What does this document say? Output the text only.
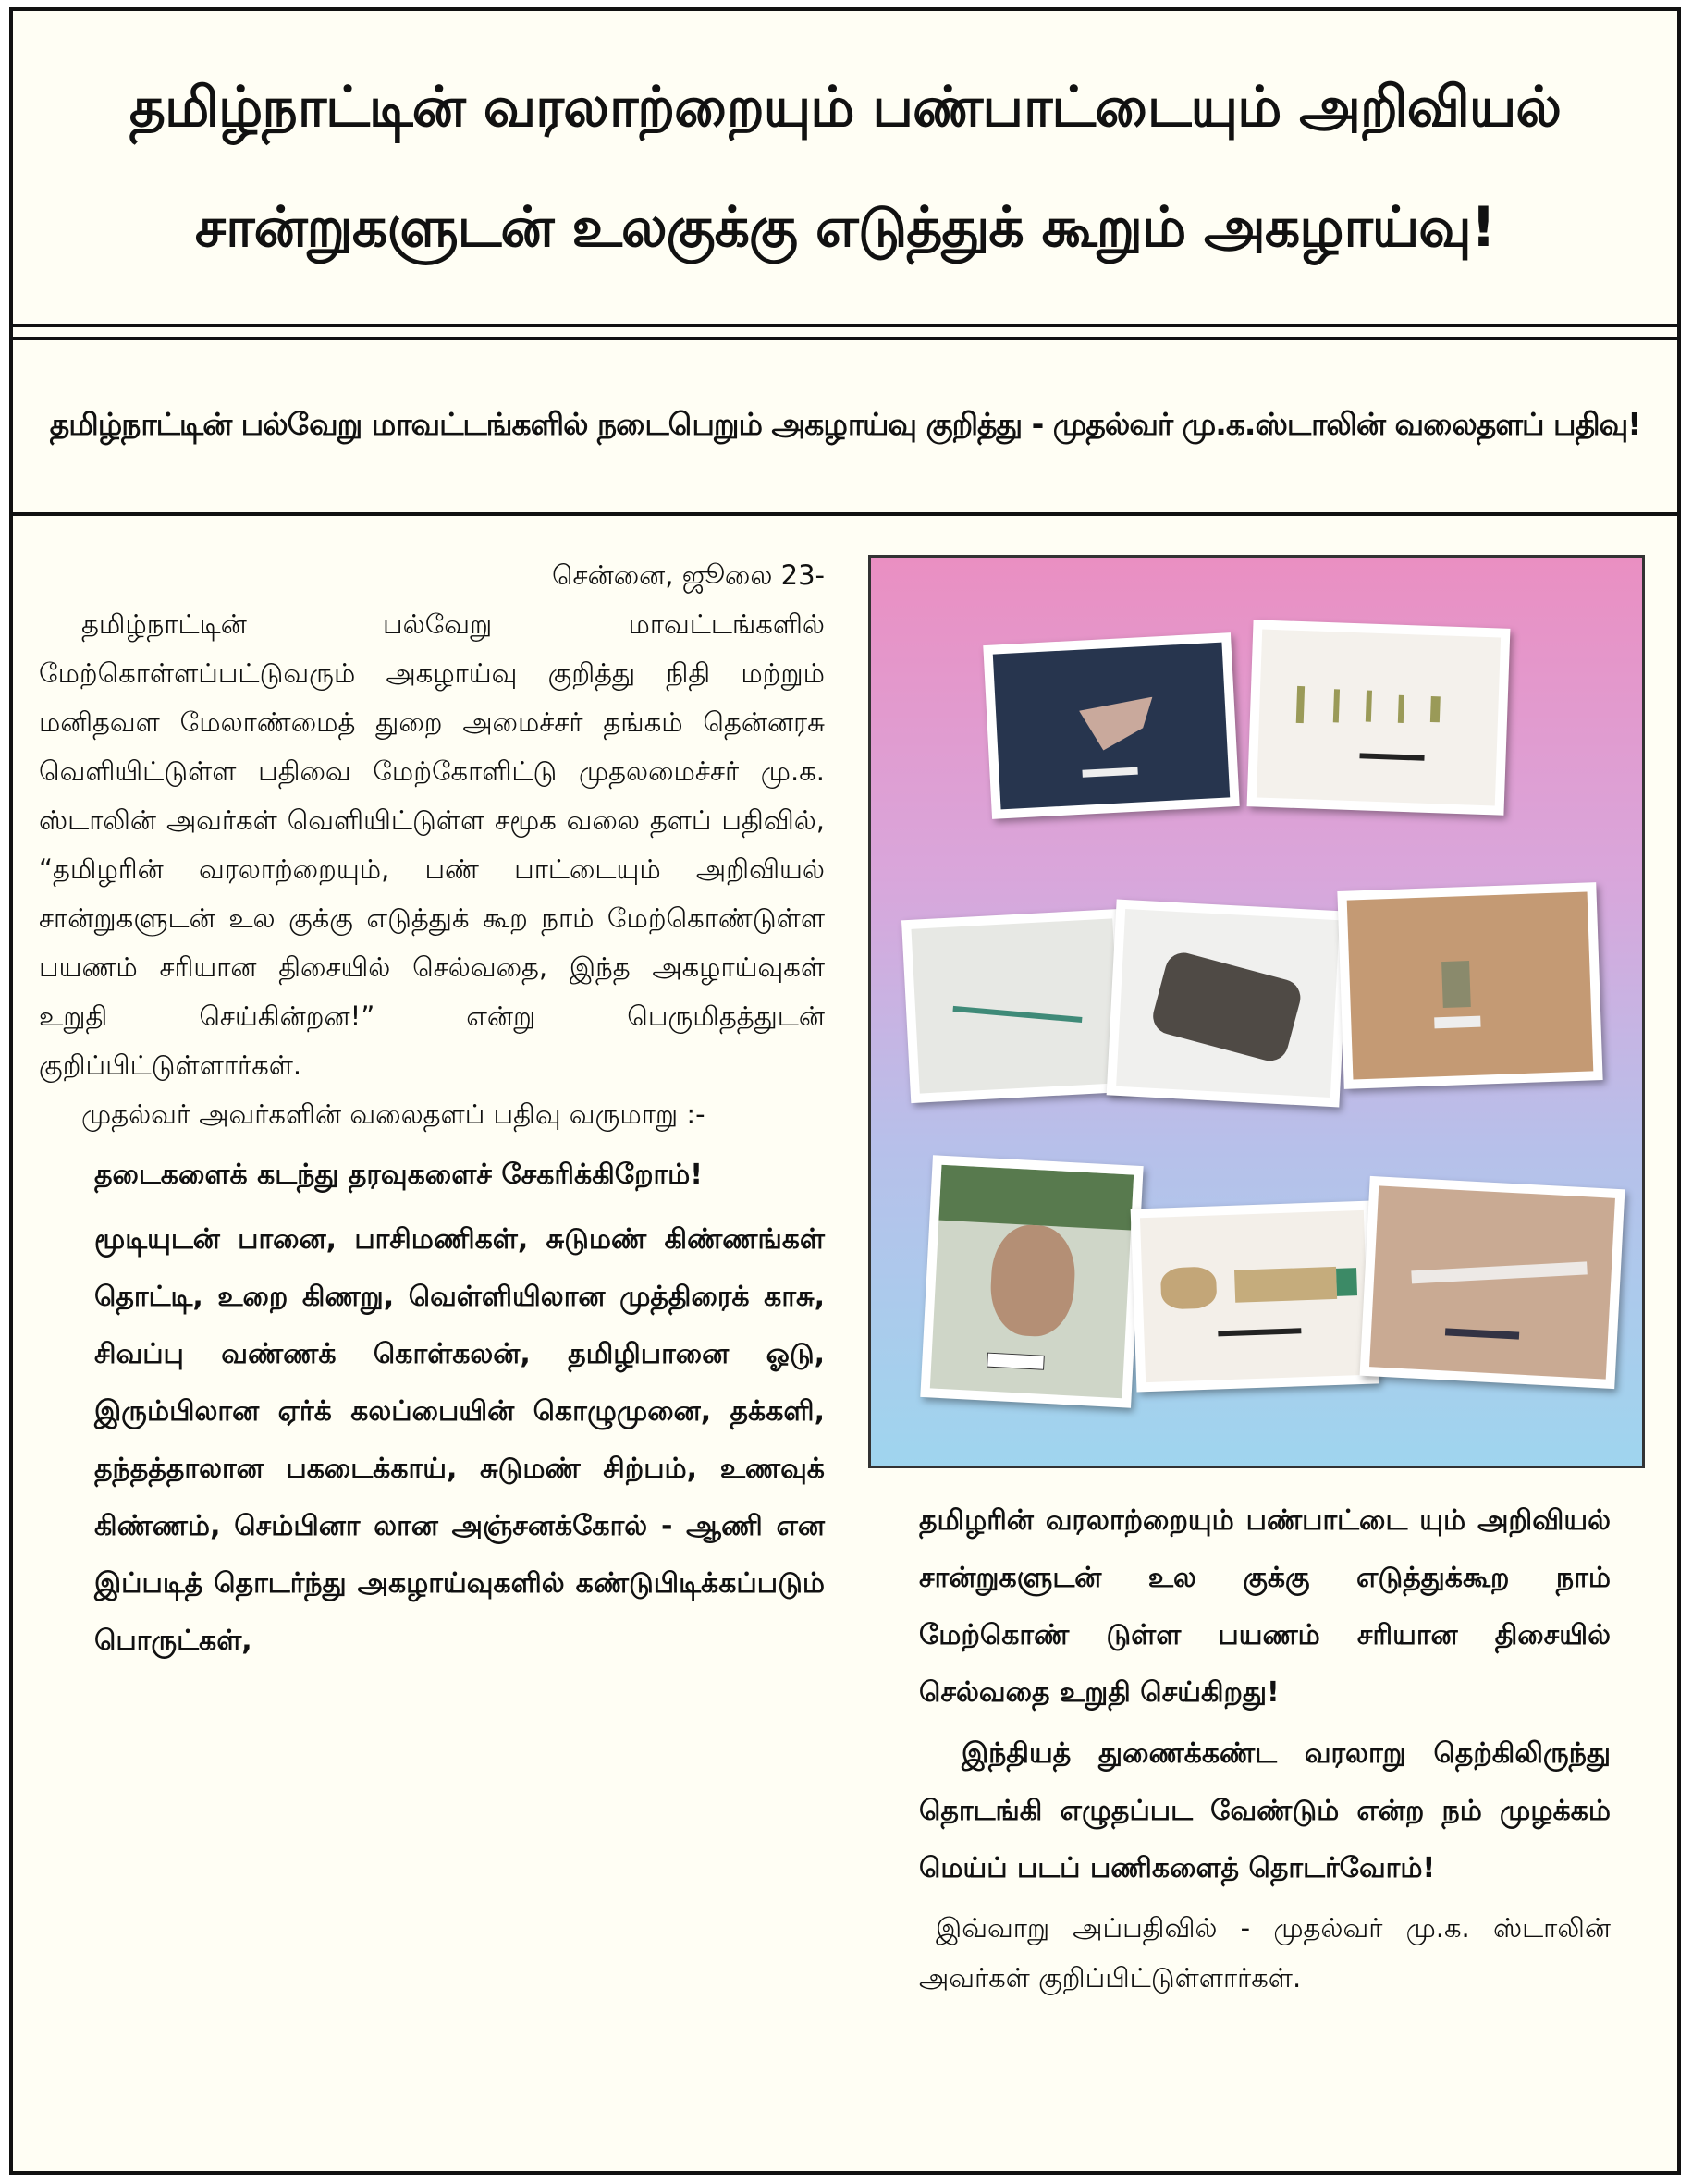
தமிழ்நாட்டின் வரலாற்றையும் பண்பாட்டையும் அறிவியல்
சான்றுகளுடன் உலகுக்கு எடுத்துக் கூறும் அகழாய்வு!
தமிழ்நாட்டின் பல்வேறு மாவட்டங்களில் நடைபெறும் அகழாய்வு குறித்து - முதல்வர் மு.க.ஸ்டாலின் வலைதளப் பதிவு!

சென்னை, ஜூலை 23-

தமிழ்நாட்டின் பல்வேறு மாவட்டங்களில் மேற்கொள்ளப்பட்டுவரும் அகழாய்வு குறித்து நிதி மற்றும் மனிதவள மேலாண்மைத் துறை அமைச்சர் தங்கம் தென்னரசு வெளியிட்டுள்ள பதிவை மேற்கோளிட்டு முதலமைச்சர் மு.க. ஸ்டாலின் அவர்கள் வெளியிட்டுள்ள சமூக வலை தளப் பதிவில், “தமிழரின் வரலாற்றையும், பண் பாட்டையும் அறிவியல் சான்றுகளுடன் உல குக்கு எடுத்துக் கூற நாம் மேற்கொண்டுள்ள பயணம் சரியான திசையில் செல்வதை, இந்த அகழாய்வுகள் உறுதி செய்கின்றன!” என்று பெருமிதத்துடன் குறிப்பிட்டுள்ளார்கள்.

முதல்வர் அவர்களின் வலைதளப் பதிவு வருமாறு :-

தடைகளைக் கடந்து தரவுகளைச் சேகரிக்கிறோம்!

மூடியுடன் பானை, பாசிமணிகள், சுடுமண் கிண்ணங்கள் தொட்டி, உறை கிணறு, வெள்ளியிலான முத்திரைக் காசு, சிவப்பு வண்ணக் கொள்கலன், தமிழிபானை ஓடு, இரும்பிலான ஏர்க் கலப்பையின் கொழுமுனை, தக்களி, தந்தத்தாலான பகடைக்காய், சுடுமண் சிற்பம், உணவுக் கிண்ணம், செம்பினா லான அஞ்சனக்கோல் - ஆணி என இப்படித் தொடர்ந்து அகழாய்வுகளில் கண்டுபிடிக்கப்படும் பொருட்கள்,

தமிழரின் வரலாற்றையும் பண்பாட்டை யும் அறிவியல் சான்றுகளுடன் உல குக்கு எடுத்துக்கூற நாம் மேற்கொண் டுள்ள பயணம் சரியான திசையில் செல்வதை உறுதி செய்கிறது!

இந்தியத் துணைக்கண்ட வரலாறு தெற்கிலிருந்து தொடங்கி எழுதப்பட வேண்டும் என்ற நம் முழக்கம் மெய்ப் படப் பணிகளைத் தொடர்வோம்!

இவ்வாறு அப்பதிவில் - முதல்வர் மு.க. ஸ்டாலின் அவர்கள் குறிப்பிட்டுள்ளார்கள்.
